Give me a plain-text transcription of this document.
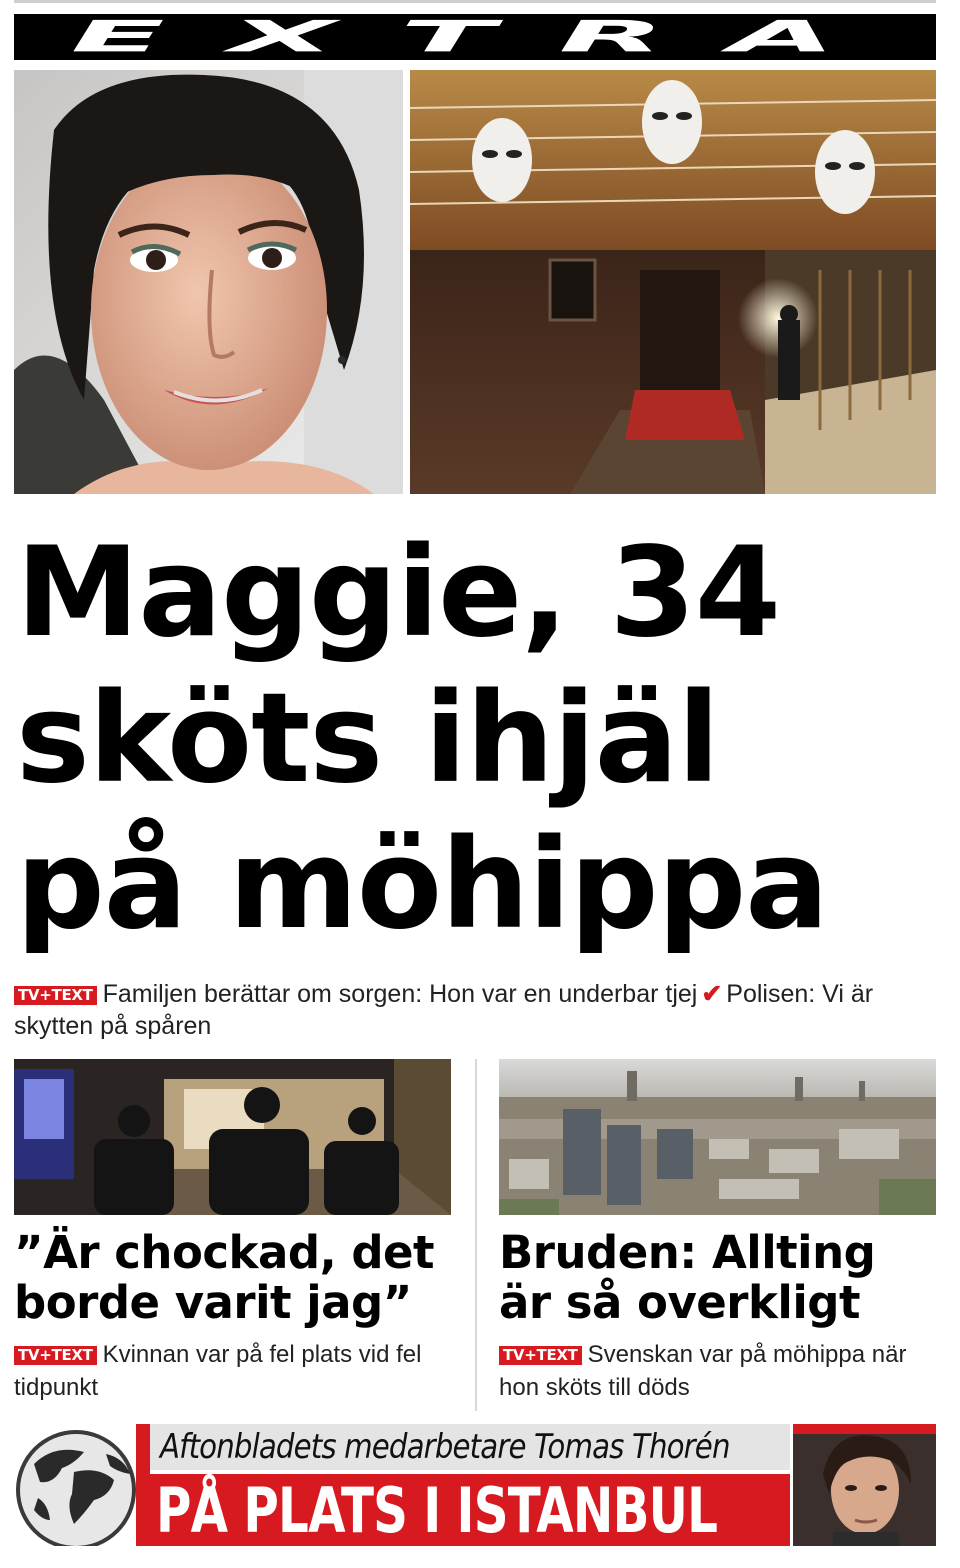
EXTRA
Maggie, 34
sköts ihjäl
på möhippa
TV+TEXT Familjen berättar om sorgen: Hon var en underbar tjej ✔ Polisen: Vi är skytten på spåren
”Är chockad, det
borde varit jag”
TV+TEXT Kvinnan var på fel plats vid fel tidpunkt
Bruden: Allting
är så overkligt
TV+TEXT Svenskan var på möhippa när hon sköts till döds
Aftonbladets medarbetare Tomas Thorén
PÅ PLATS I ISTANBUL
